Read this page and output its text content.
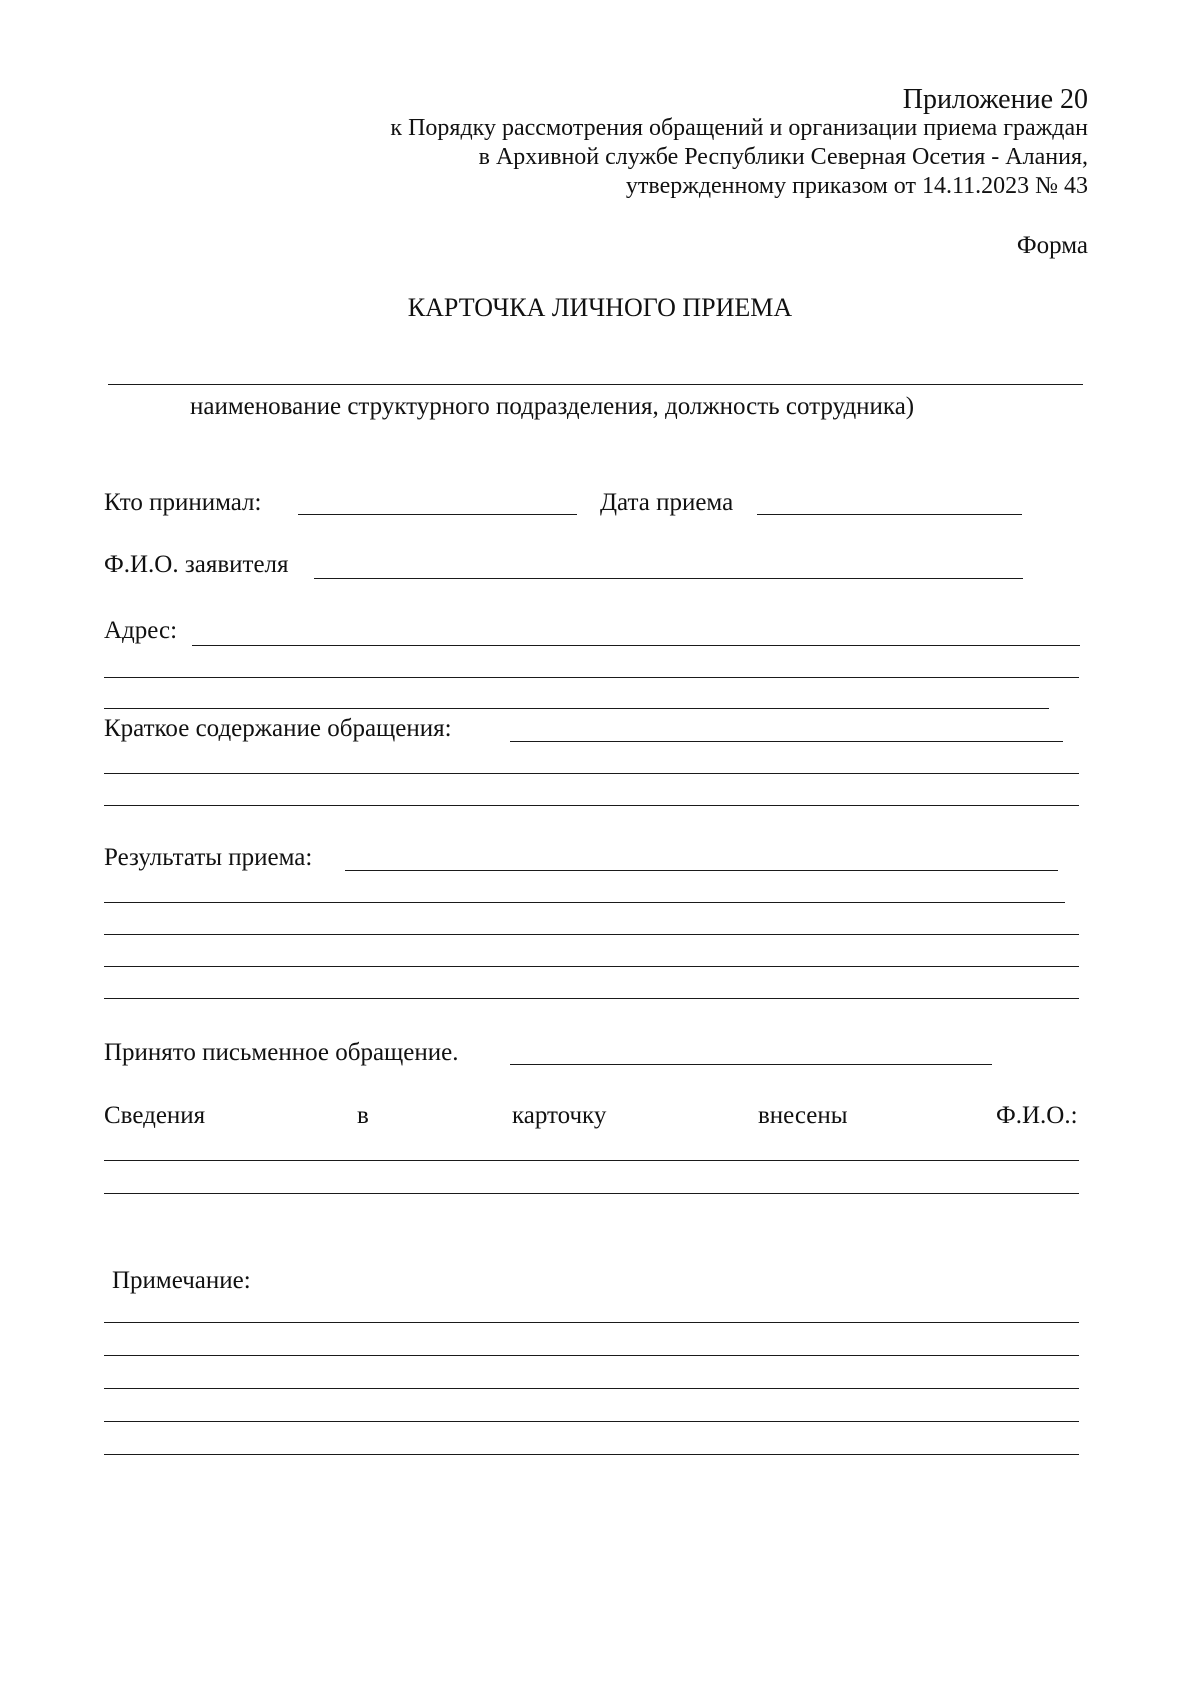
Приложение 20
к Порядку рассмотрения обращений и организации приема граждан
в Архивной службе Республики Северная Осетия - Алания,
утвержденному приказом от 14.11.2023 № 43
Форма
КАРТОЧКА ЛИЧНОГО ПРИЕМА
наименование структурного подразделения, должность сотрудника)
Кто принимал:	Дата приема
Ф.И.О. заявителя
Адрес:
Краткое содержание обращения:
Результаты приема:
Принято письменное обращение.
Сведения	в	карточку	внесены	Ф.И.О.:
Примечание:
